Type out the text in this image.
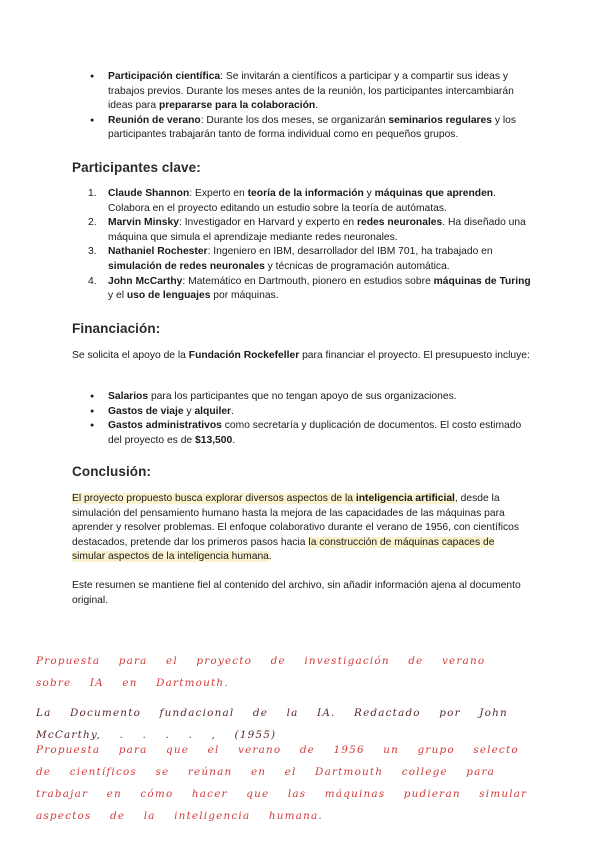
● Participación científica: Se invitarán a científicos a participar y a compartir sus ideas y trabajos previos. Durante los meses antes de la reunión, los participantes intercambiarán ideas para prepararse para la colaboración.
● Reunión de verano: Durante los dos meses, se organizarán seminarios regulares y los participantes trabajarán tanto de forma individual como en pequeños grupos.
Participantes clave:
1. Claude Shannon: Experto en teoría de la información y máquinas que aprenden. Colabora en el proyecto editando un estudio sobre la teoría de autómatas.
2. Marvin Minsky: Investigador en Harvard y experto en redes neuronales. Ha diseñado una máquina que simula el aprendizaje mediante redes neuronales.
3. Nathaniel Rochester: Ingeniero en IBM, desarrollador del IBM 701, ha trabajado en simulación de redes neuronales y técnicas de programación automática.
4. John McCarthy: Matemático en Dartmouth, pionero en estudios sobre máquinas de Turing y el uso de lenguajes por máquinas.
Financiación:

Se solicita el apoyo de la Fundación Rockefeller para financiar el proyecto. El presupuesto incluye:

● Salarios para los participantes que no tengan apoyo de sus organizaciones.
● Gastos de viaje y alquiler.
● Gastos administrativos como secretaría y duplicación de documentos. El costo estimado del proyecto es de $13,500.
Conclusión:

El proyecto propuesto busca explorar diversos aspectos de la inteligencia artificial, desde la simulación del pensamiento humano hasta la mejora de las capacidades de las máquinas para aprender y resolver problemas. El enfoque colaborativo durante el verano de 1956, con científicos destacados, pretende dar los primeros pasos hacia la construcción de máquinas capaces de simular aspectos de la inteligencia humana.

Este resumen se mantiene fiel al contenido del archivo, sin añadir información ajena al documento original.

Propuesta para el proyecto de investigación de verano sobre IA en Dartmouth.
La Documento fundacional de la IA. Redactado por John McCarthy, . . . . , (1955)
Propuesta para que el verano de 1956 un grupo selecto de científicos se reúnan en el Dartmouth college para trabajar en cómo hacer que las máquinas pudieran simular aspectos de la inteligencia humana.
